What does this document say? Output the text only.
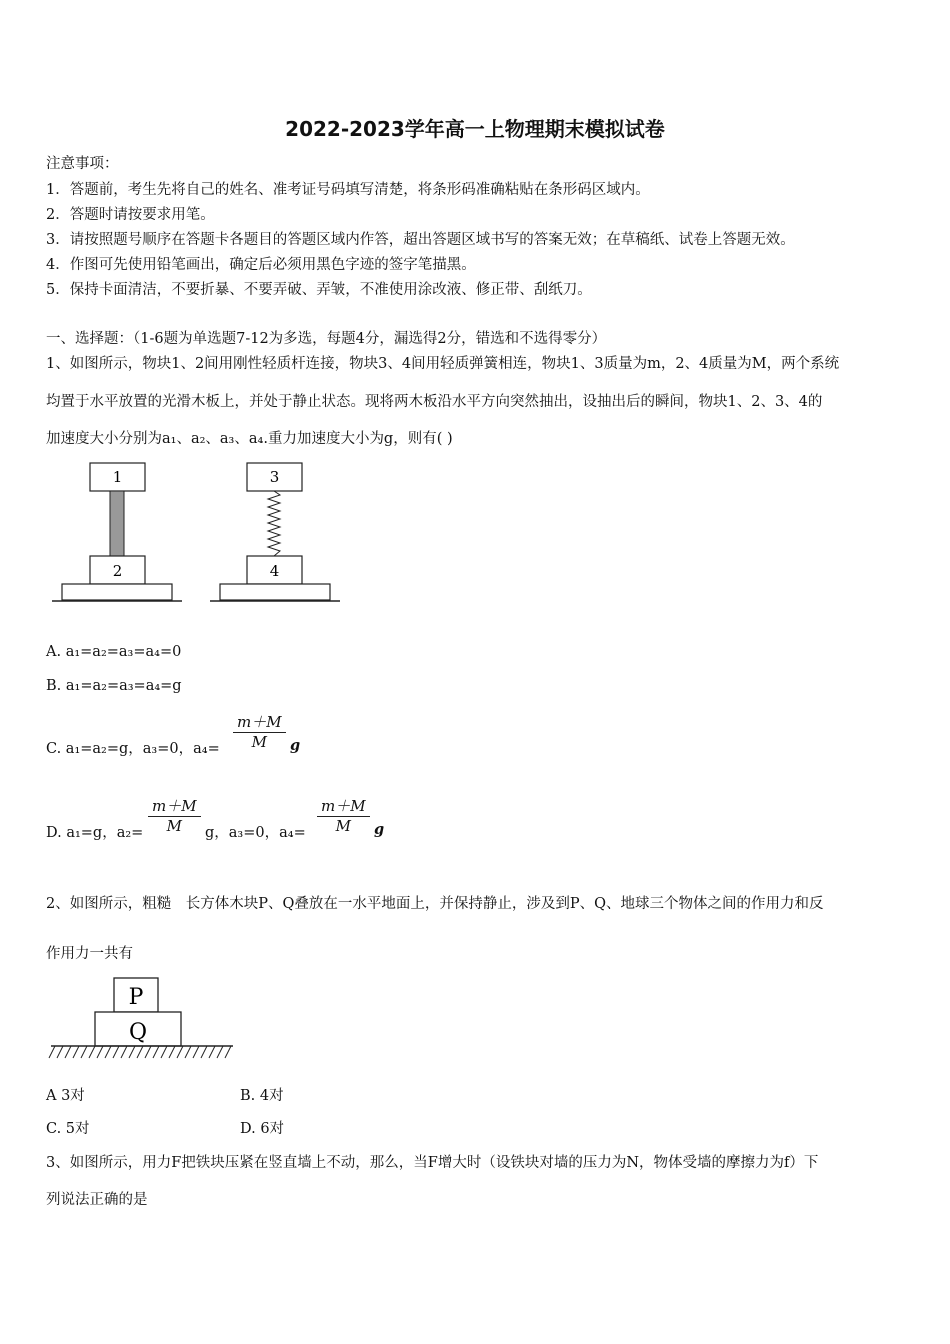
2022-2023学年高一上物理期末模拟试卷
注意事项：
1．答题前，考生先将自己的姓名、准考证号码填写清楚，将条形码准确粘贴在条形码区域内。
2．答题时请按要求用笔。
3．请按照题号顺序在答题卡各题目的答题区域内作答，超出答题区域书写的答案无效；在草稿纸、试卷上答题无效。
4．作图可先使用铅笔画出，确定后必须用黑色字迹的签字笔描黑。
5．保持卡面清洁，不要折暴、不要弄破、弄皱，不准使用涂改液、修正带、刮纸刀。
一、选择题：（1-6题为单选题7-12为多选，每题4分，漏选得2分，错选和不选得零分）
1、如图所示，物块1、2间用刚性轻质杆连接，物块3、4间用轻质弹簧相连，物块1、3质量为m，2、4质量为M，两个系统
均置于水平放置的光滑木板上，并处于静止状态。现将两木板沿水平方向突然抽出，设抽出后的瞬间，物块1、2、3、4的
加速度大小分别为a₁、a₂、a₃、a₄.重力加速度大小为g，则有( )
1
2
3
4
A. a₁=a₂=a₃=a₄=0
B. a₁=a₂=a₃=a₄=g
C. a₁=a₂=g，a₃=0，$a_4= \frac{m+M}{M}$ g
D. a₁=g，$a_2= \frac{m+M}{M}$ g，a₃=0，$a_4= \frac{m+M}{M}$ g
2、如图所示，粗糙　长方体木块P、Q叠放在一水平地面上，并保持静止，涉及到P、Q、地球三个物体之间的作用力和反
作用力一共有
P
Q
A 3对	B. 4对
C. 5对	D. 6对
3、如图所示，用力F把铁块压紧在竖直墙上不动，那么，当F增大时（设铁块对墙的压力为N，物体受墙的摩擦力为f）下
列说法正确的是
